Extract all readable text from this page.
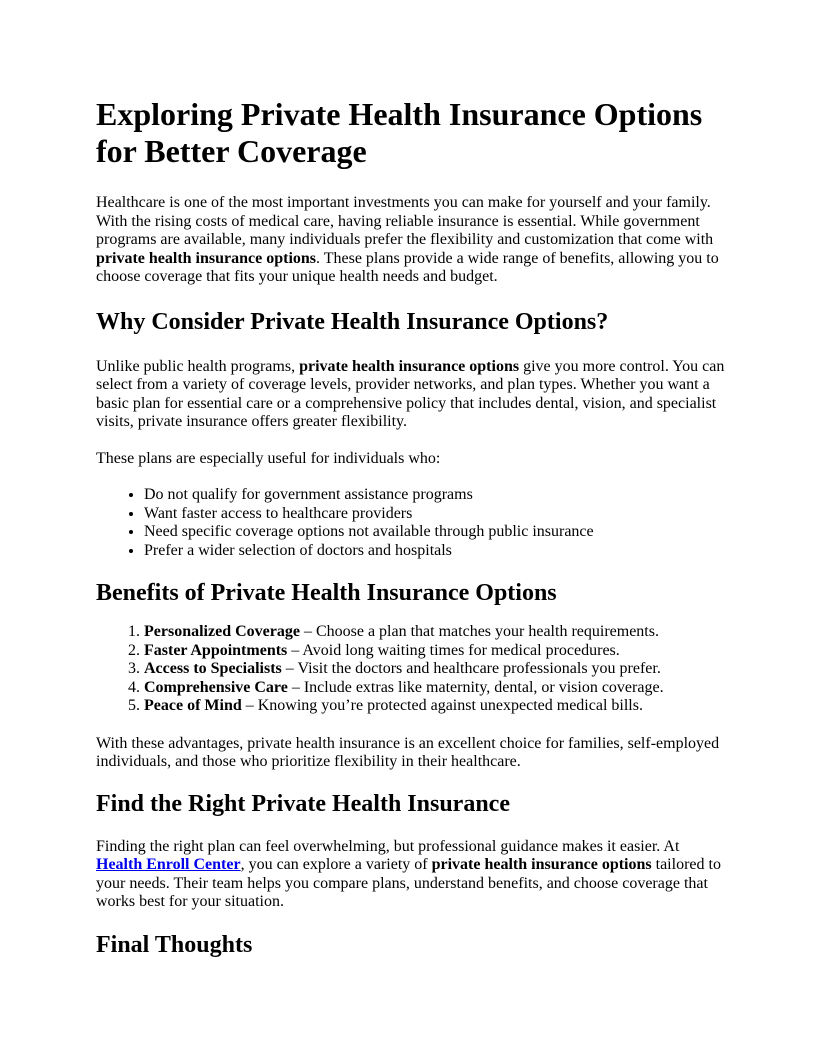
Exploring Private Health Insurance Options for Better Coverage

Healthcare is one of the most important investments you can make for yourself and your family. With the rising costs of medical care, having reliable insurance is essential. While government programs are available, many individuals prefer the flexibility and customization that come with private health insurance options. These plans provide a wide range of benefits, allowing you to choose coverage that fits your unique health needs and budget.

Why Consider Private Health Insurance Options?

Unlike public health programs, private health insurance options give you more control. You can select from a variety of coverage levels, provider networks, and plan types. Whether you want a basic plan for essential care or a comprehensive policy that includes dental, vision, and specialist visits, private insurance offers greater flexibility.

These plans are especially useful for individuals who:

• Do not qualify for government assistance programs
• Want faster access to healthcare providers
• Need specific coverage options not available through public insurance
• Prefer a wider selection of doctors and hospitals
Benefits of Private Health Insurance Options
1. Personalized Coverage – Choose a plan that matches your health requirements.
2. Faster Appointments – Avoid long waiting times for medical procedures.
3. Access to Specialists – Visit the doctors and healthcare professionals you prefer.
4. Comprehensive Care – Include extras like maternity, dental, or vision coverage.
5. Peace of Mind – Knowing you’re protected against unexpected medical bills.

With these advantages, private health insurance is an excellent choice for families, self-employed individuals, and those who prioritize flexibility in their healthcare.

Find the Right Private Health Insurance

Finding the right plan can feel overwhelming, but professional guidance makes it easier. At Health Enroll Center, you can explore a variety of private health insurance options tailored to your needs. Their team helps you compare plans, understand benefits, and choose coverage that works best for your situation.

Final Thoughts
